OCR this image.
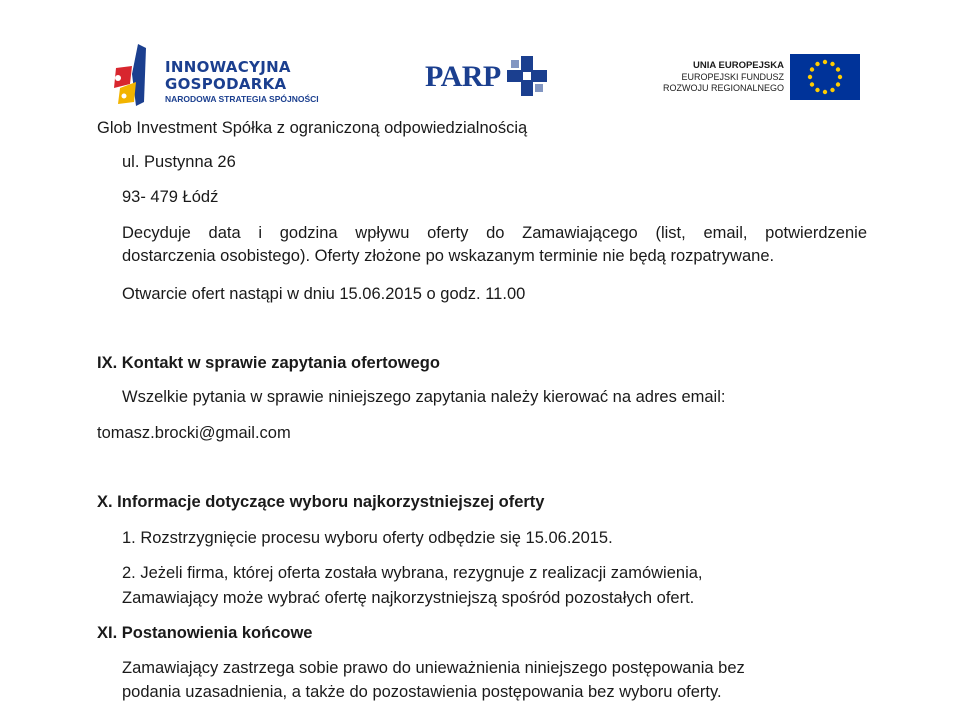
INNOWACYJNA
GOSPODARKA
NARODOWA STRATEGIA SPÓJNOŚCI
PARP	UNIA EUROPEJSKA
EUROPEJSKI FUNDUSZ
ROZWOJU REGIONALNEGO
Glob Investment Spółka z ograniczoną odpowiedzialnością
ul. Pustynna 26
93- 479 Łódź
Decyduje data i godzina wpływu oferty do Zamawiającego (list, email, potwierdzenie
dostarczenia osobistego). Oferty złożone po wskazanym terminie nie będą rozpatrywane.
Otwarcie ofert nastąpi w dniu 15.06.2015 o godz. 11.00
IX. Kontakt w sprawie zapytania ofertowego
Wszelkie pytania w sprawie niniejszego zapytania należy kierować na adres email:
tomasz.brocki@gmail.com
X. Informacje dotyczące wyboru najkorzystniejszej oferty
1. Rozstrzygnięcie procesu wyboru oferty odbędzie się 15.06.2015.
2. Jeżeli firma, której oferta została wybrana, rezygnuje z realizacji zamówienia,
Zamawiający może wybrać ofertę najkorzystniejszą spośród pozostałych ofert.
XI. Postanowienia końcowe
Zamawiający zastrzega sobie prawo do unieważnienia niniejszego postępowania bez
podania uzasadnienia, a także do pozostawienia postępowania bez wyboru oferty.
